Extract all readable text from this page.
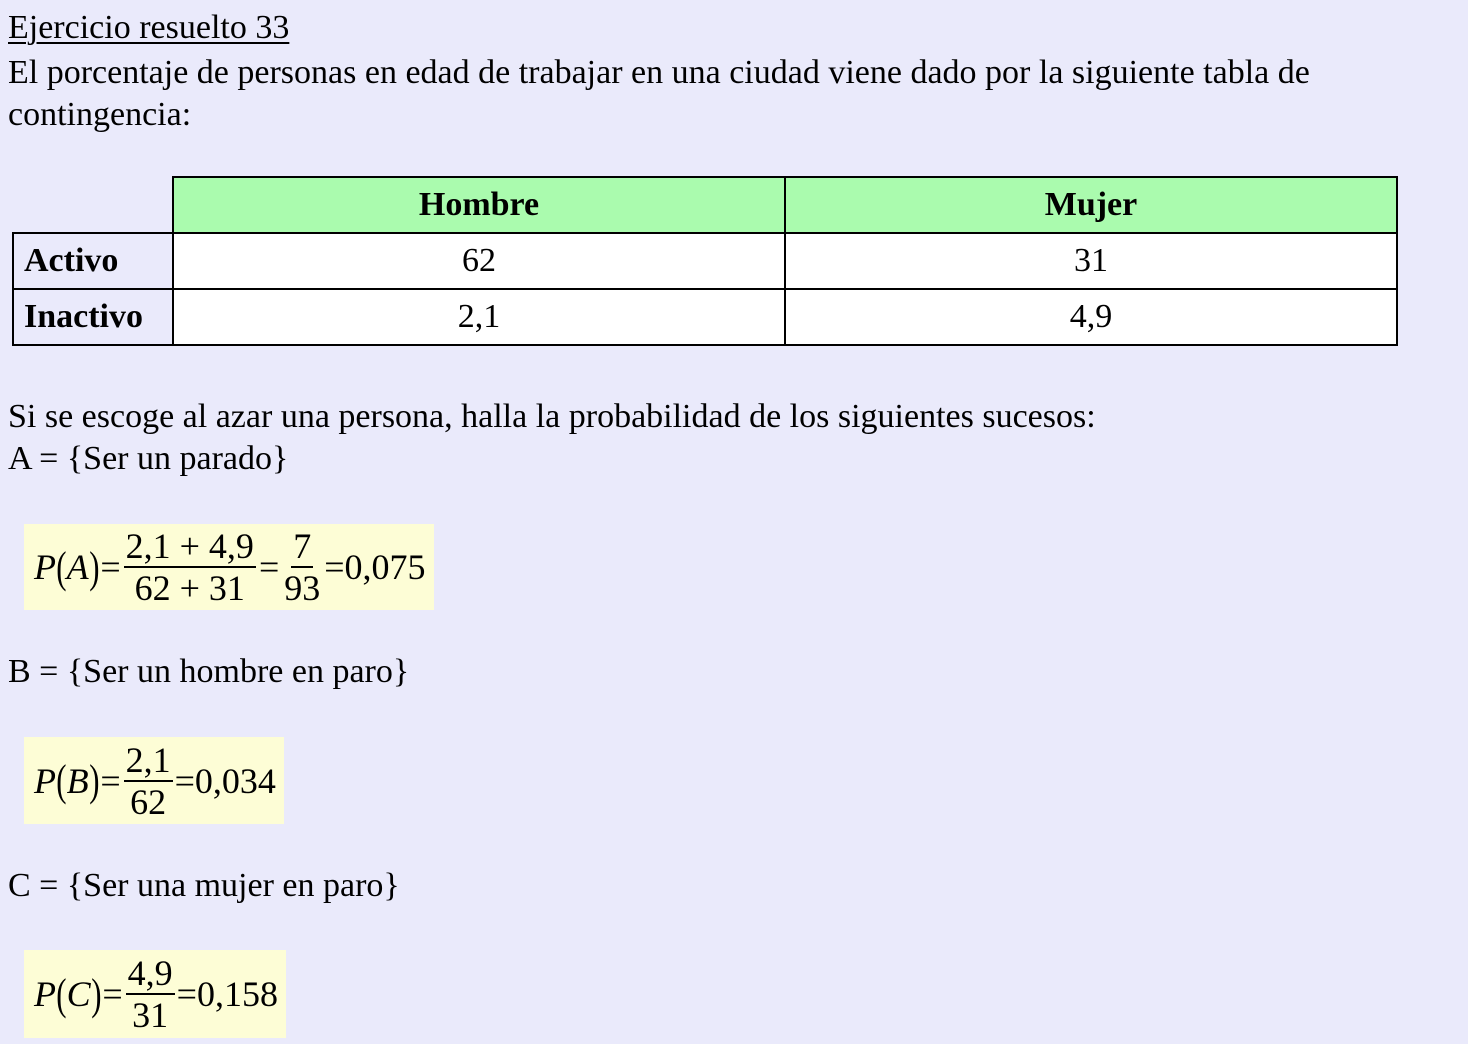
Ejercicio resuelto 33
El porcentaje de personas en edad de trabajar en una ciudad viene dado por la siguiente tabla de contingencia:
	Hombre	Mujer
Activo	62	31
Inactivo	2,1	4,9
Si se escoge al azar una persona, halla la probabilidad de los siguientes sucesos:
A = {Ser un parado}
P ( A ) = $\frac{2,1 + 4,9}{62 + 31} = \frac{7}{93} =0,075$
B = {Ser un hombre en paro}
P ( B ) = $\frac{2,1}{62} =0,034$
C = {Ser una mujer en paro}
P ( C ) = $\frac{4,9}{31} =0,158$
